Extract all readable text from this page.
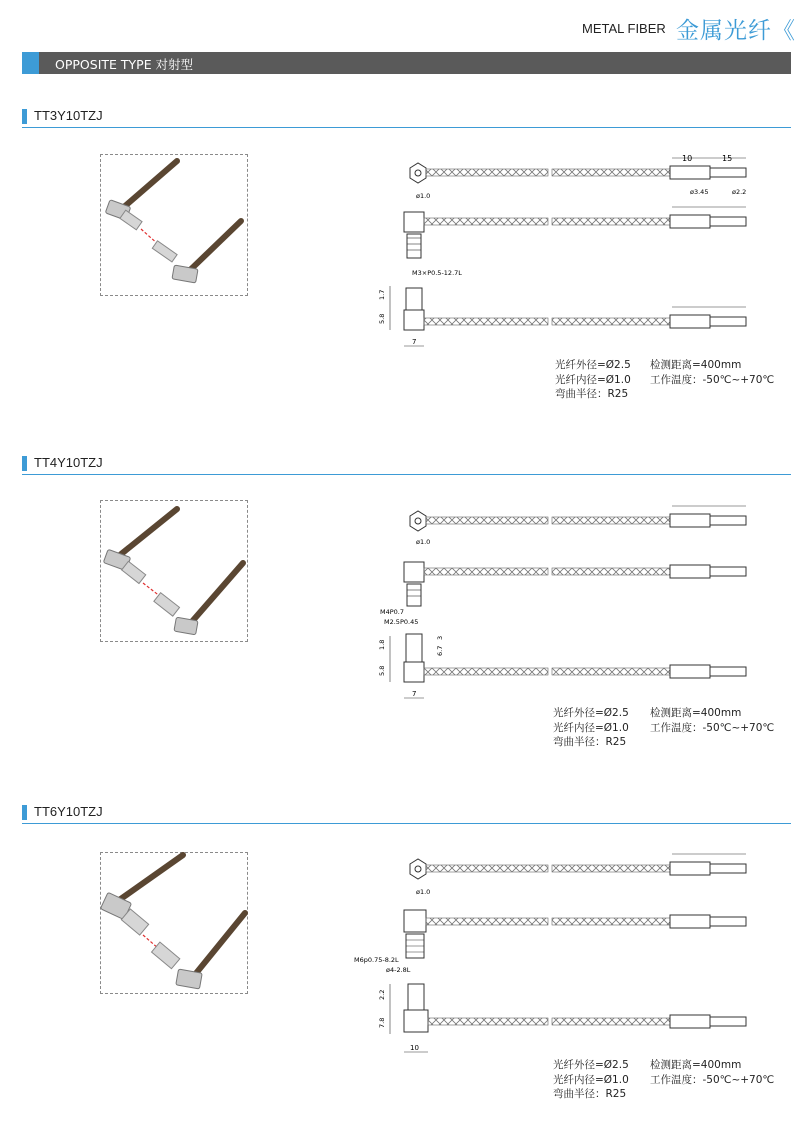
METAL FIBER 金属光纤《
OPPOSITE TYPE 对射型
TT3Y10TZJ
10	15
ø3.45	ø2.2
ø1.0
M3×P0.5-12.7L
1.7
5.8
7
光纤外径=Ø2.5
光纤内径=Ø1.0
弯曲半径：R25
检测距离=400mm
工作温度：-50℃~+70℃
TT4Y10TZJ
ø1.0
M4P0.7
M2.5P0.45
1.8
5.8
6.7
3
7
光纤外径=Ø2.5
光纤内径=Ø1.0
弯曲半径：R25
检测距离=400mm
工作温度：-50℃~+70℃
TT6Y10TZJ
ø1.0
M6p0.75-8.2L
ø4-2.8L
2.2
7.8
10
光纤外径=Ø2.5
光纤内径=Ø1.0
弯曲半径：R25
检测距离=400mm
工作温度：-50℃~+70℃
